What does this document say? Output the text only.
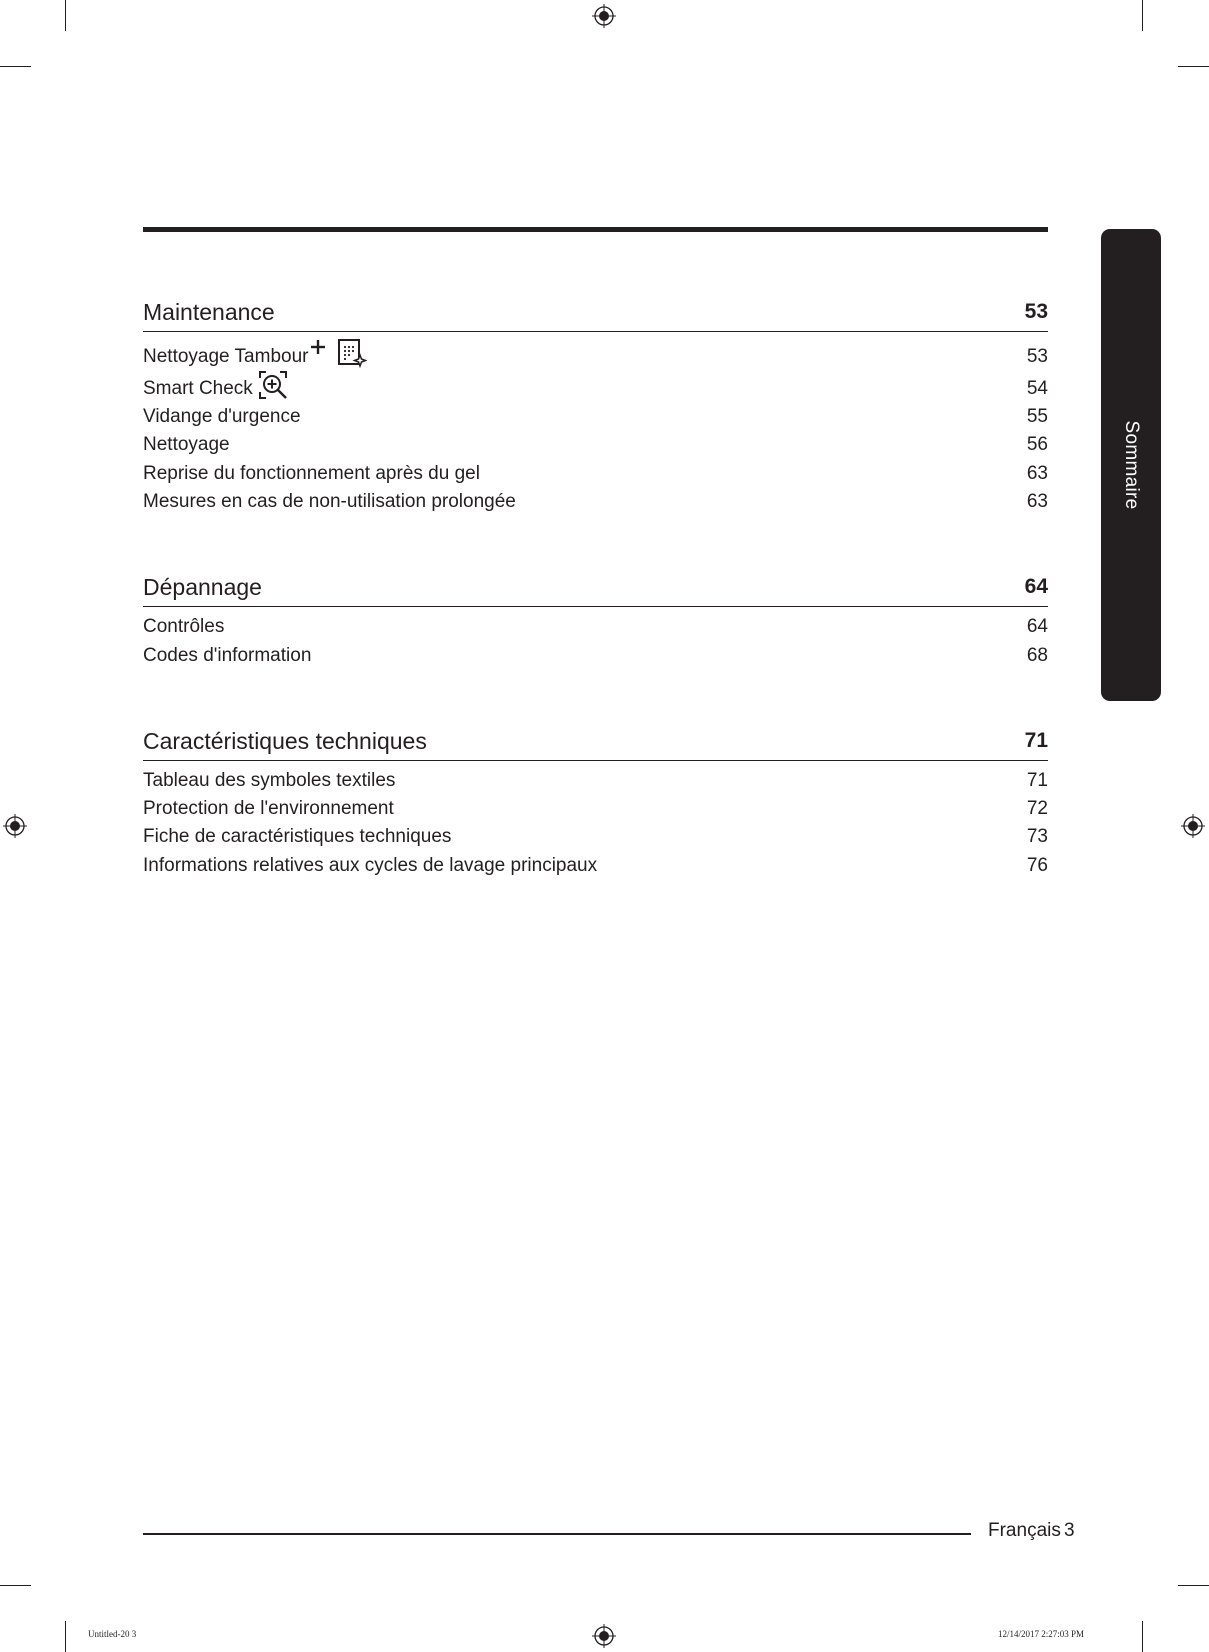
Sommaire
Maintenance	53
Nettoyage Tambour	53
Smart Check	54
Vidange d'urgence	55
Nettoyage	56
Reprise du fonctionnement après du gel	63
Mesures en cas de non-utilisation prolongée	63
Dépannage	64
Contrôles	64
Codes d'information	68
Caractéristiques techniques	71
Tableau des symboles textiles	71
Protection de l'environnement	72
Fiche de caractéristiques techniques	73
Informations relatives aux cycles de lavage principaux	76
Français 3
Untitled-20 3	12/14/2017 2:27:03 PM
